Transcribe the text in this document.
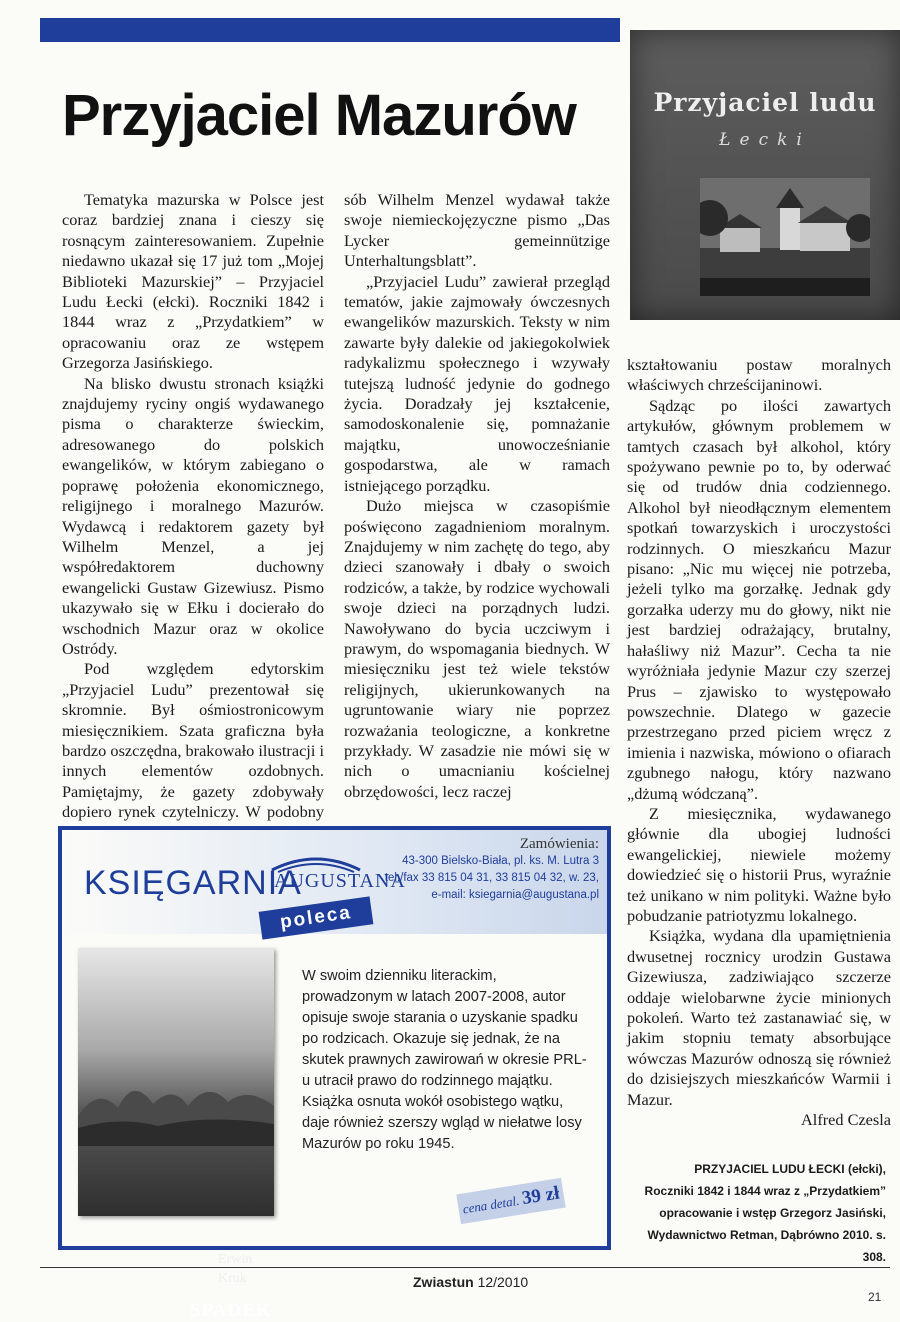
Przyjaciel Mazurów	Przyjaciel ludu
Łecki

Tematyka mazurska w Polsce jest coraz bardziej znana i cieszy się rosnącym zainteresowaniem. Zupełnie niedawno ukazał się 17 już tom „Mojej Biblioteki Mazurskiej” – Przyjaciel Ludu Łecki (ełcki). Roczniki 1842 i 1844 wraz z „Przydatkiem” w opracowaniu oraz ze wstępem Grzegorza Jasińskiego.

Na blisko dwustu stronach książki znajdujemy ryciny ongiś wydawanego pisma o charakterze świeckim, adresowanego do polskich ewangelików, w którym zabiegano o poprawę położenia ekonomicznego, religijnego i moralnego Mazurów. Wydawcą i redaktorem gazety był Wilhelm Menzel, a jej współredaktorem duchowny ewangelicki Gustaw Gizewiusz. Pismo ukazywało się w Ełku i docierało do wschodnich Mazur oraz w okolice Ostródy.

Pod względem edytorskim „Przyjaciel Ludu” prezentował się skromnie. Był ośmiostronicowym miesięcznikiem. Szata graficzna była bardzo oszczędna, brakowało ilustracji i innych elementów ozdobnych. Pamiętajmy, że gazety zdobywały dopiero rynek czytelniczy. W podobny

sób Wilhelm Menzel wydawał także swoje niemieckojęzyczne pismo „Das Lycker gemeinnützige Unterhaltungsblatt”.

„Przyjaciel Ludu” zawierał przegląd tematów, jakie zajmowały ówczesnych ewangelików mazurskich. Teksty w nim zawarte były dalekie od jakiegokolwiek radykalizmu społecznego i wzywały tutejszą ludność jedynie do godnego życia. Doradzały jej kształcenie, samodoskonalenie się, pomnażanie majątku, unowocześnianie gospodarstwa, ale w ramach istniejącego porządku.

Dużo miejsca w czasopiśmie poświęcono zagadnieniom moralnym. Znajdujemy w nim zachętę do tego, aby dzieci szanowały i dbały o swoich rodziców, a także, by rodzice wychowali swoje dzieci na porządnych ludzi. Nawoływano do bycia uczciwym i prawym, do wspomagania biednych. W miesięczniku jest też wiele tekstów religijnych, ukierunkowanych na ugruntowanie wiary nie poprzez rozważania teologiczne, a konkretne przykłady. W zasadzie nie mówi się w nich o umacnianiu kościelnej obrzędowości, lecz raczej

kształtowaniu postaw moralnych właściwych chrześcijaninowi.

Sądząc po ilości zawartych artykułów, głównym problemem w tamtych czasach był alkohol, który spożywano pewnie po to, by oderwać się od trudów dnia codziennego. Alkohol był nieodłącznym elementem spotkań towarzyskich i uroczystości rodzinnych. O mieszkańcu Mazur pisano: „Nic mu więcej nie potrzeba, jeżeli tylko ma gorzałkę. Jednak gdy gorzałka uderzy mu do głowy, nikt nie jest bardziej odrażający, brutalny, hałaśliwy niż Mazur”. Cecha ta nie wyróżniała jedynie Mazur czy szerzej Prus – zjawisko to występowało powszechnie. Dlatego w gazecie przestrzegano przed piciem wręcz z imienia i nazwiska, mówiono o ofiarach zgubnego nałogu, który nazwano „dżumą wódczaną”.

Z miesięcznika, wydawanego głównie dla ubogiej ludności ewangelickiej, niewiele możemy dowiedzieć się o historii Prus, wyraźnie też unikano w nim polityki. Ważne było pobudzanie patriotyzmu lokalnego.

Książka, wydana dla upamiętnienia dwusetnej rocznicy urodzin Gustawa Gizewiusza, zadziwiająco szczerze oddaje wielobarwne życie minionych pokoleń. Warto też zastanawiać się, w jakim stopniu tematy absorbujące wówczas Mazurów odnoszą się również do dzisiejszych mieszkańców Warmii i Mazur.

Alfred Czesla

KSIĘGARNIA
AUGUSTANA
poleca
Zamówienia:
43-300 Bielsko-Biała, pl. ks. M. Lutra 3
tel./fax 33 815 04 31, 33 815 04 32, w. 23,
e-mail: ksiegarnia@augustana.pl
Erwin
Kruk
SPADEK
W swoim dzienniku literackim, prowadzonym w latach 2007-2008, autor opisuje swoje starania o uzyskanie spadku po rodzicach. Okazuje się jednak, że na skutek prawnych zawirowań w okresie PRL-u utracił prawo do rodzinnego majątku. Książka osnuta wokół osobistego wątku, daje również szerszy wgląd w niełatwe losy Mazurów po roku 1945.
cena detal. 39 zł
PRZYJACIEL LUDU ŁECKI (ełcki),
Roczniki 1842 i 1844 wraz z „Przydatkiem”
opracowanie i wstęp Grzegorz Jasiński,
Wydawnictwo Retman, Dąbrówno 2010. s. 308.
Zwiastun 12/2010
21
